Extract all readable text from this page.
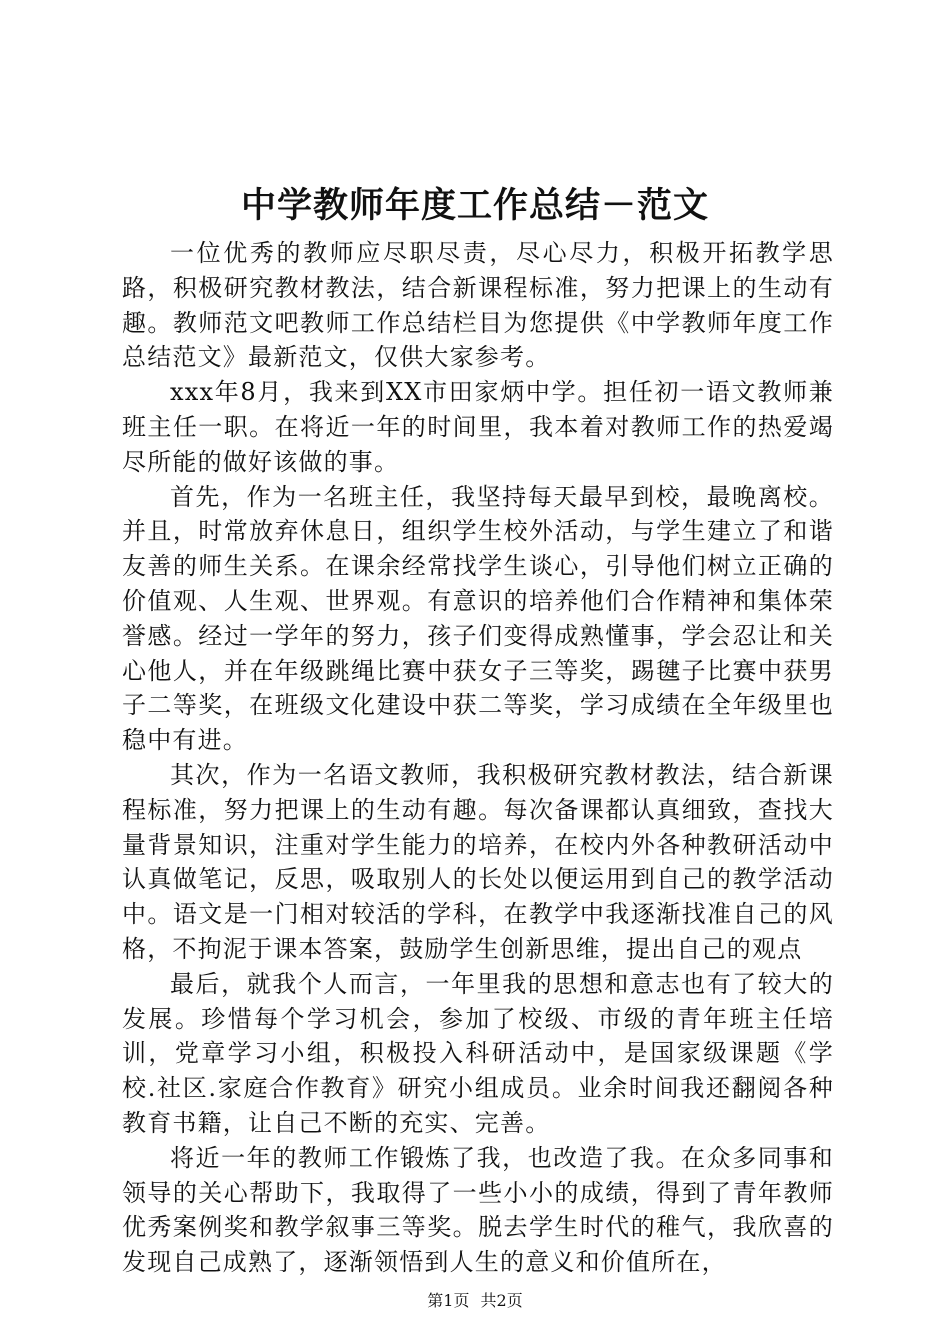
中学教师年度工作总结－范文

一位优秀的教师应尽职尽责，尽心尽力，积极开拓教学思路，积极研究教材教法，结合新课程标准，努力把课上的生动有趣。教师范文吧教师工作总结栏目为您提供《中学教师年度工作总结范文》最新范文，仅供大家参考。

xxx年8月，我来到XX市田家炳中学。担任初一语文教师兼班主任一职。在将近一年的时间里，我本着对教师工作的热爱竭尽所能的做好该做的事。

首先，作为一名班主任，我坚持每天最早到校，最晚离校。并且，时常放弃休息日，组织学生校外活动，与学生建立了和谐友善的师生关系。在课余经常找学生谈心，引导他们树立正确的价值观、人生观、世界观。有意识的培养他们合作精神和集体荣誉感。经过一学年的努力，孩子们变得成熟懂事，学会忍让和关心他人，并在年级跳绳比赛中获女子三等奖，踢毽子比赛中获男子二等奖，在班级文化建设中获二等奖，学习成绩在全年级里也稳中有进。

其次，作为一名语文教师，我积极研究教材教法，结合新课程标准，努力把课上的生动有趣。每次备课都认真细致，查找大量背景知识，注重对学生能力的培养，在校内外各种教研活动中认真做笔记，反思，吸取别人的长处以便运用到自己的教学活动中。语文是一门相对较活的学科，在教学中我逐渐找准自己的风格，不拘泥于课本答案，鼓励学生创新思维，提出自己的观点

最后，就我个人而言，一年里我的思想和意志也有了较大的发展。珍惜每个学习机会，参加了校级、市级的青年班主任培训，党章学习小组，积极投入科研活动中，是国家级课题《学校.社区.家庭合作教育》研究小组成员。业余时间我还翻阅各种教育书籍，让自己不断的充实、完善。

将近一年的教师工作锻炼了我，也改造了我。在众多同事和领导的关心帮助下，我取得了一些小小的成绩，得到了青年教师优秀案例奖和教学叙事三等奖。脱去学生时代的稚气，我欣喜的发现自己成熟了，逐渐领悟到人生的意义和价值所在，

第1页 共2页
